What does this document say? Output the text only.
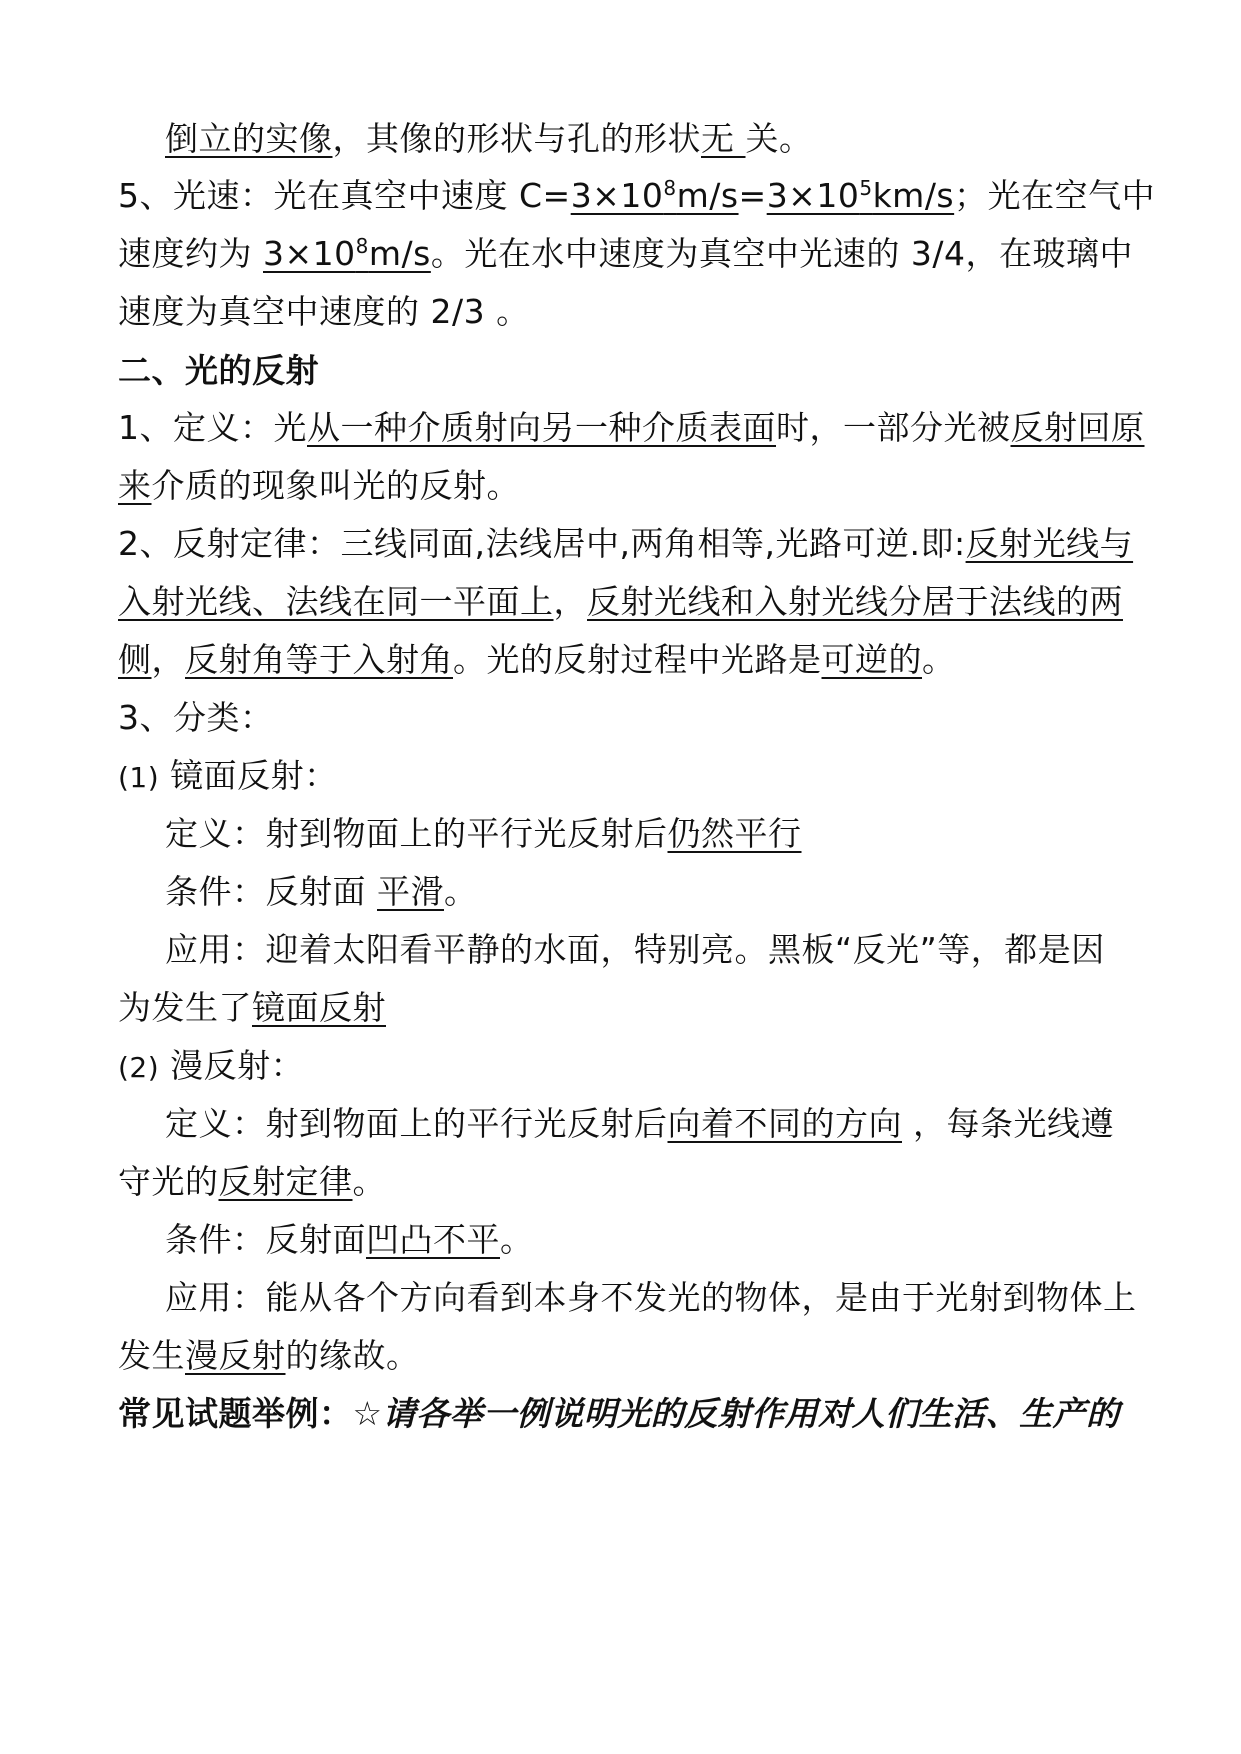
倒立的实像，其像的形状与孔的形状无 关。
5、光速：光在真空中速度 $C=3\times 10^8m/s=3\times 10^5km/s$；光在空气中
速度约为 $3\times 10^8m/s$。光在水中速度为真空中光速的 3/4，在玻璃中
速度为真空中速度的 2/3 。
二、光的反射
1、定义：光从一种介质射向另一种介质表面时，一部分光被反射回原
来介质的现象叫光的反射。
2、反射定律：三线同面,法线居中,两角相等,光路可逆.即:反射光线与
入射光线、法线在同一平面上，反射光线和入射光线分居于法线的两
侧，反射角等于入射角。光的反射过程中光路是可逆的。
3、分类：
(1) 镜面反射：
定义：射到物面上的平行光反射后仍然平行
条件：反射面 平滑。
应用：迎着太阳看平静的水面，特别亮。黑板“反光”等，都是因
为发生了镜面反射
(2) 漫反射：
定义：射到物面上的平行光反射后向着不同的方向 ，每条光线遵
守光的反射定律。
条件：反射面凹凸不平。
应用：能从各个方向看到本身不发光的物体，是由于光射到物体上
发生漫反射的缘故。
常见试题举例：☆请各举一例说明光的反射作用对人们生活、生产的
